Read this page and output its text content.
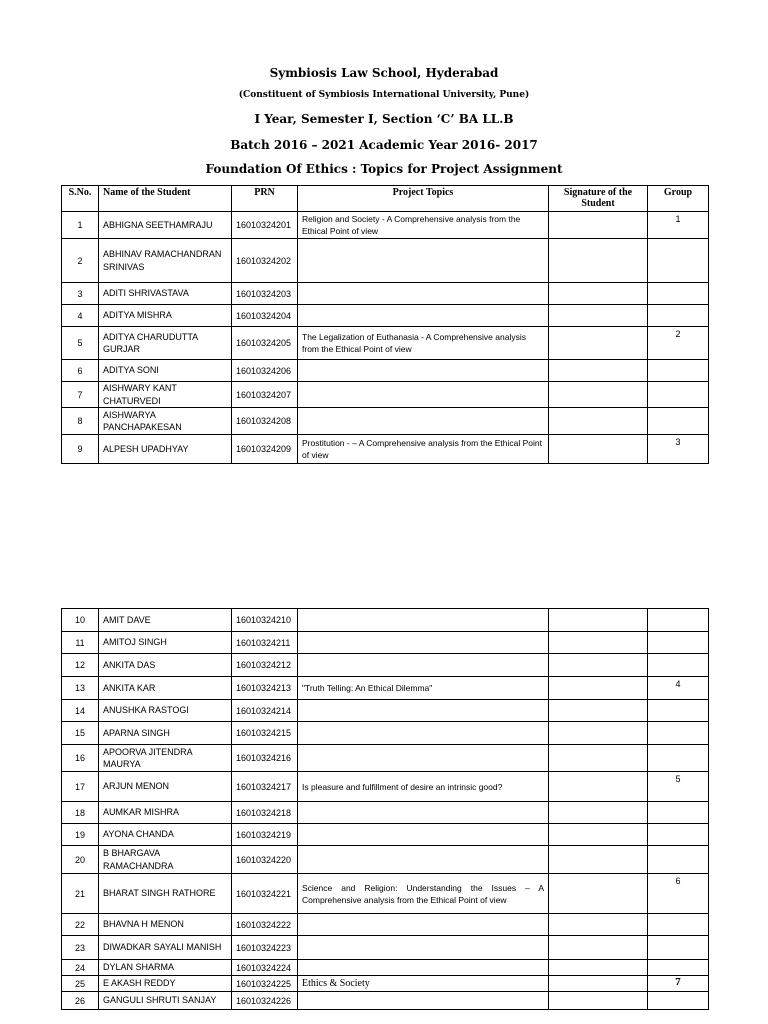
Symbiosis Law School, Hyderabad
(Constituent of Symbiosis International University, Pune)
I Year, Semester I, Section ‘C’ BA LL.B
Batch 2016 – 2021 Academic Year 2016- 2017
Foundation Of Ethics : Topics for Project Assignment
S.No.	Name of the Student	PRN	Project Topics	Signature of the Student	Group
1	ABHIGNA SEETHAMRAJU	16010324201	Religion and Society - A Comprehensive analysis from the Ethical Point of view		1
2	ABHINAV RAMACHANDRAN SRINIVAS	16010324202			
3	ADITI SHRIVASTAVA	16010324203			
4	ADITYA MISHRA	16010324204			
5	ADITYA CHARUDUTTA GURJAR	16010324205	The Legalization of Euthanasia - A Comprehensive analysis from the Ethical Point of view		2
6	ADITYA SONI	16010324206			
7	AISHWARY KANT CHATURVEDI	16010324207			
8	AISHWARYA PANCHAPAKESAN	16010324208			
9	ALPESH UPADHYAY	16010324209	Prostitution - – A Comprehensive analysis from the Ethical Point of view		3
10	AMIT DAVE	16010324210			
11	AMITOJ SINGH	16010324211			
12	ANKITA DAS	16010324212			
13	ANKITA KAR	16010324213	"Truth Telling: An Ethical Dilemma"		4
14	ANUSHKA RASTOGI	16010324214			
15	APARNA SINGH	16010324215			
16	APOORVA JITENDRA MAURYA	16010324216			
17	ARJUN MENON	16010324217	Is pleasure and fulfillment of desire an intrinsic good?		5
18	AUMKAR MISHRA	16010324218			
19	AYONA CHANDA	16010324219			
20	B BHARGAVA RAMACHANDRA	16010324220			
21	BHARAT SINGH RATHORE	16010324221	Science and Religion: Understanding the Issues – A Comprehensive analysis from the Ethical Point of view		6
22	BHAVNA H MENON	16010324222			
23	DIWADKAR SAYALI MANISH	16010324223			
24	DYLAN SHARMA	16010324224			
25	E AKASH REDDY	16010324225	Ethics & Society		7
26	GANGULI SHRUTI SANJAY	16010324226			
